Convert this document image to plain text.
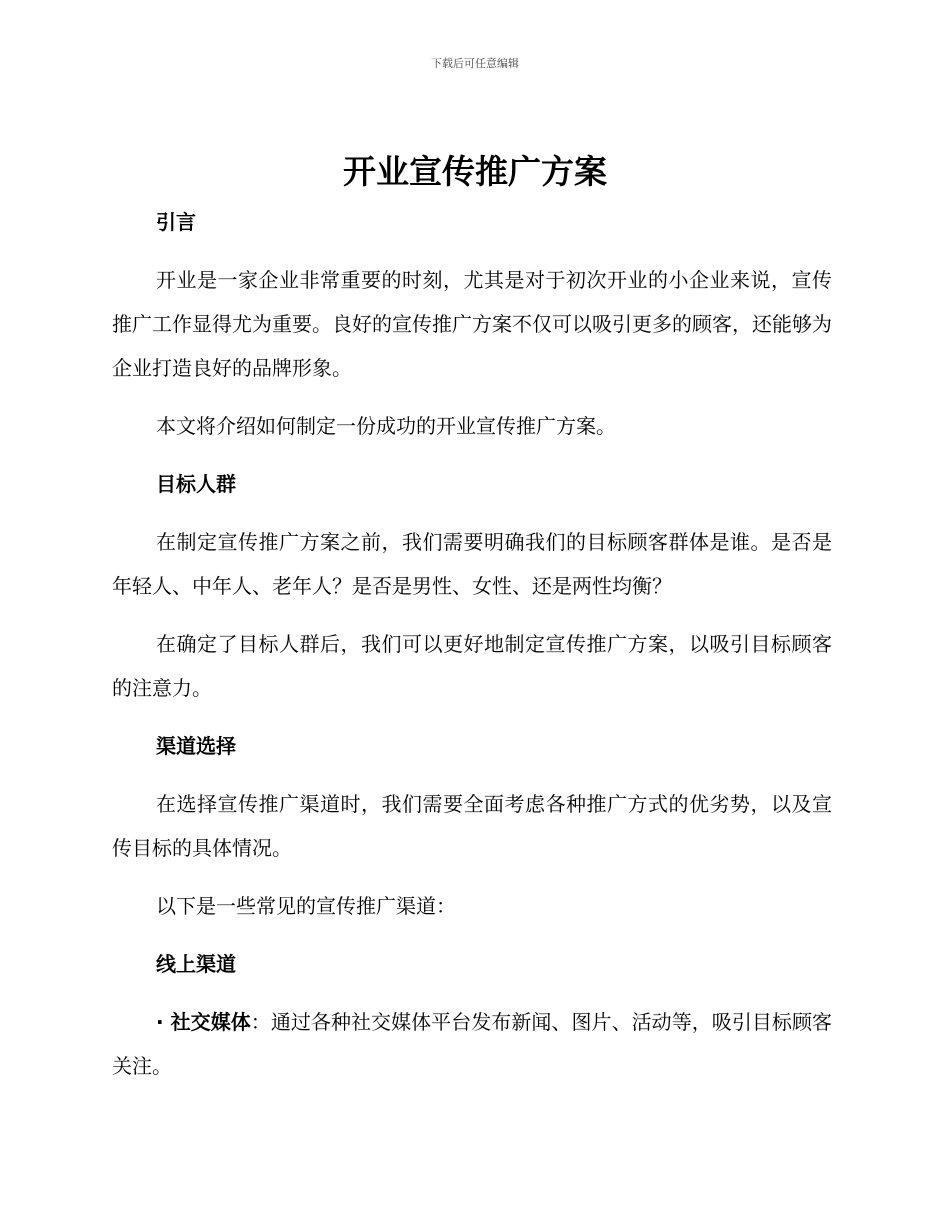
下载后可任意编辑
开业宣传推广方案
引言

开业是一家企业非常重要的时刻，尤其是对于初次开业的小企业来说，宣传推广工作显得尤为重要。良好的宣传推广方案不仅可以吸引更多的顾客，还能够为企业打造良好的品牌形象。

本文将介绍如何制定一份成功的开业宣传推广方案。

目标人群

在制定宣传推广方案之前，我们需要明确我们的目标顾客群体是谁。是否是年轻人、中年人、老年人？是否是男性、女性、还是两性均衡？

在确定了目标人群后，我们可以更好地制定宣传推广方案，以吸引目标顾客的注意力。

渠道选择

在选择宣传推广渠道时，我们需要全面考虑各种推广方式的优劣势，以及宣传目标的具体情况。

以下是一些常见的宣传推广渠道：

线上渠道

· 社交媒体：通过各种社交媒体平台发布新闻、图片、活动等，吸引目标顾客关注。
